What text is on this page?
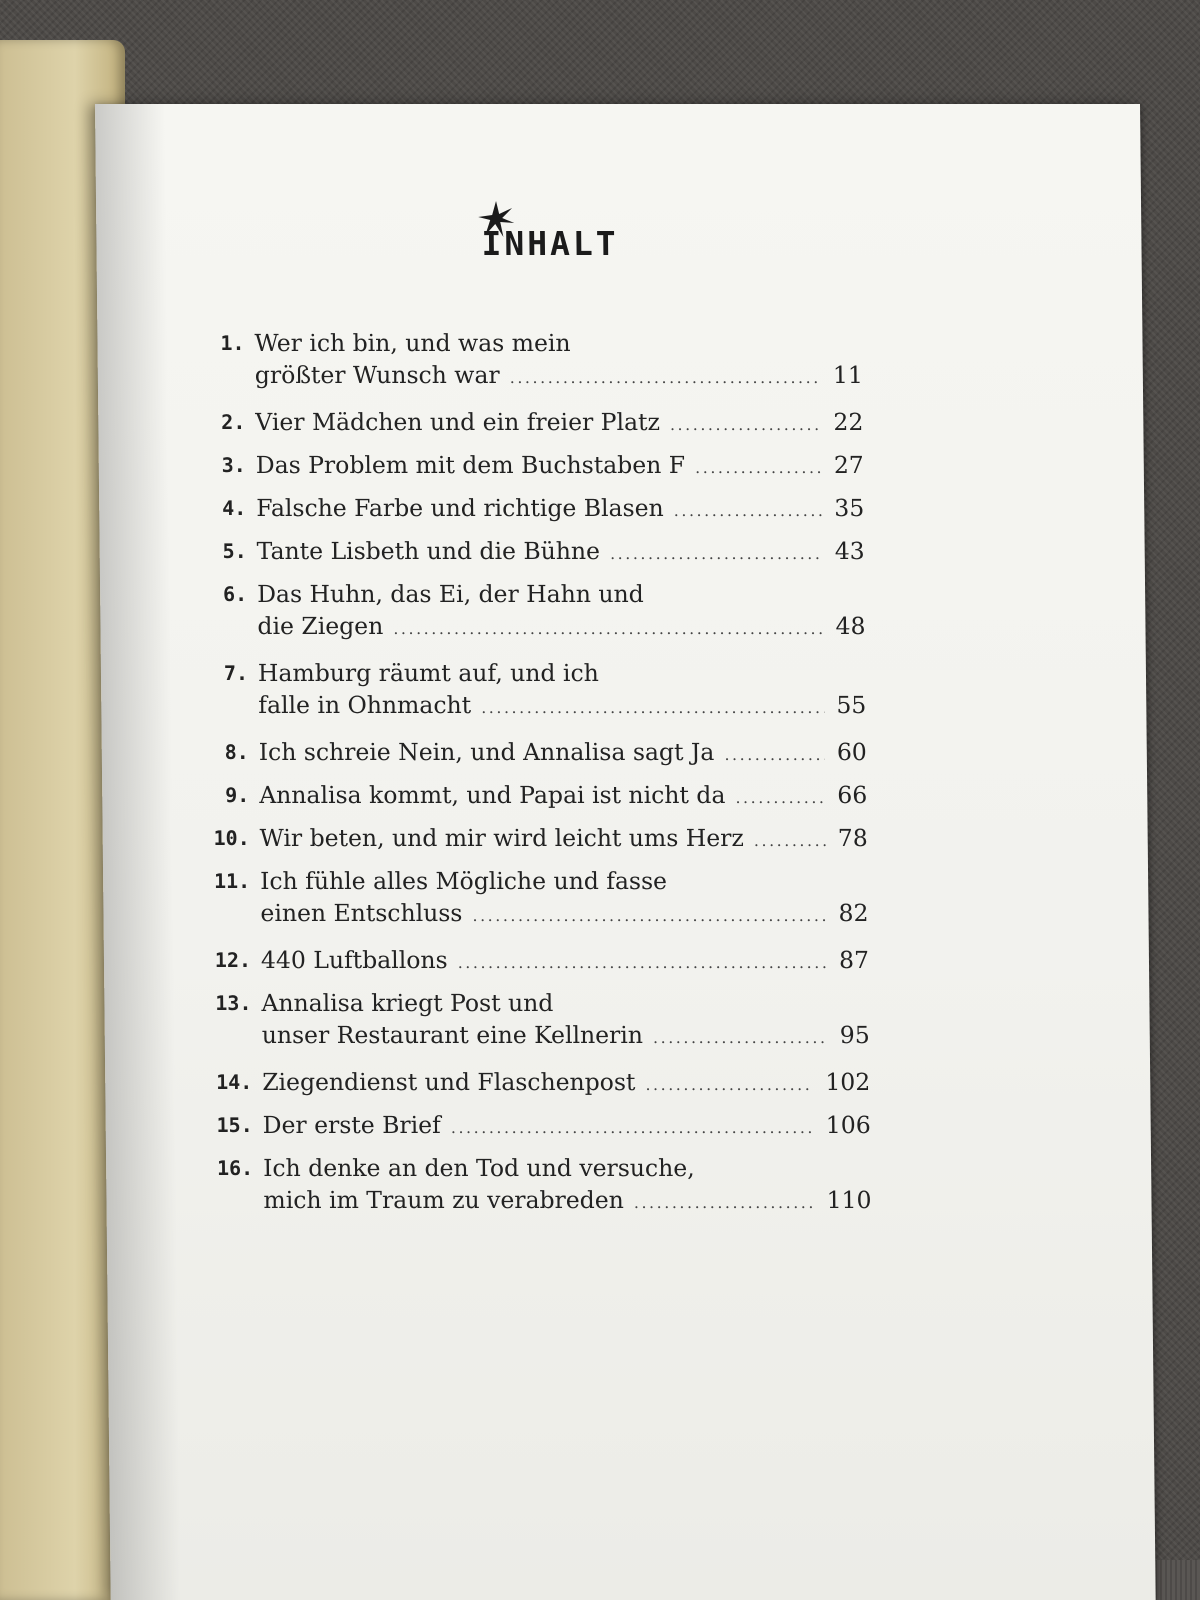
INHALT
1. Wer ich bin, und was mein
größter Wunsch war .....	11
2. Vier Mädchen und ein freier Platz .....	22
3. Das Problem mit dem Buchstaben F .....	27
4. Falsche Farbe und richtige Blasen .....	35
5. Tante Lisbeth und die Bühne .....	43
6. Das Huhn, das Ei, der Hahn und
die Ziegen .....	48
7. Hamburg räumt auf, und ich
falle in Ohnmacht .....	55
8. Ich schreie Nein, und Annalisa sagt Ja .....	60
9. Annalisa kommt, und Papai ist nicht da .....	66
10. Wir beten, und mir wird leicht ums Herz .....	78
11. Ich fühle alles Mögliche und fasse
einen Entschluss .....	82
12. 440 Luftballons .....	87
13. Annalisa kriegt Post und
unser Restaurant eine Kellnerin .....	95
14. Ziegendienst und Flaschenpost .....	102
15. Der erste Brief .....	106
16. Ich denke an den Tod und versuche,
mich im Traum zu verabreden .....	110
